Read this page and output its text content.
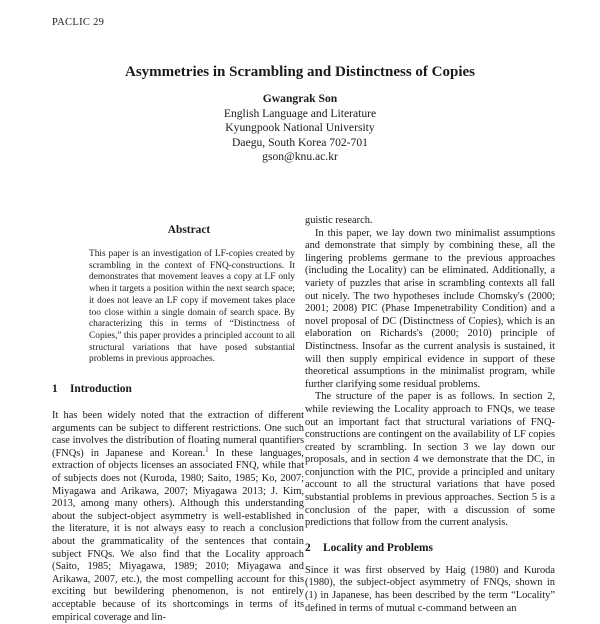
PACLIC 29
Asymmetries in Scrambling and Distinctness of Copies
Gwangrak Son
English Language and Literature
Kyungpook National University
Daegu, South Korea 702-701
gson@knu.ac.kr
Abstract

This paper is an investigation of LF-copies created by scrambling in the context of FNQ-constructions. It demonstrates that movement leaves a copy at LF only when it targets a position within the next search space; it does not leave an LF copy if movement takes place too close within a single domain of search space. By characterizing this in terms of “Distinctness of Copies,” this paper provides a principled account to all structural variations that have posed substantial problems in previous approaches.

1	Introduction

It has been widely noted that the extraction of different arguments can be subject to different restrictions. One such case involves the distribution of floating numeral quantifiers (FNQs) in Japanese and Korean.$^1$ In these languages, extraction of objects licenses an associated FNQ, while that of subjects does not (Kuroda, 1980; Saito, 1985; Ko, 2007; Miyagawa and Arikawa, 2007; Miyagawa 2013; J. Kim, 2013, among many others). Although this understanding about the subject-object asymmetry is well-established in the literature, it is not always easy to reach a conclusion about the grammaticality of the sentences that contain subject FNQs. We also find that the Locality approach (Saito, 1985; Miyagawa, 1989; 2010; Miyagawa and Arikawa, 2007, etc.), the most compelling account for this exciting but bewildering phenomenon, is not entirely acceptable because of its shortcomings in terms of its empirical coverage and lin-

guistic research.

In this paper, we lay down two minimalist assumptions and demonstrate that simply by combining these, all the lingering problems germane to the previous approaches (including the Locality) can be eliminated. Additionally, a variety of puzzles that arise in scrambling contexts all fall out nicely. The two hypotheses include Chomsky's (2000; 2001; 2008) PIC (Phase Impenetrability Condition) and a novel proposal of DC (Distinctness of Copies), which is an elaboration on Richards's (2000; 2010) principle of Distinctness. Insofar as the current analysis is sustained, it will then supply empirical evidence in support of these theoretical assumptions in the minimalist program, while further clarifying some residual problems.

The structure of the paper is as follows. In section 2, while reviewing the Locality approach to FNQs, we tease out an important fact that structural variations of FNQ-constructions are contingent on the availability of LF copies created by scrambling. In section 3 we lay down our proposals, and in section 4 we demonstrate that the DC, in conjunction with the PIC, provide a principled and unitary account to all the structural variations that have posed substantial problems in previous approaches. Section 5 is a conclusion of the paper, with a discussion of some predictions that follow from the current analysis.

2	Locality and Problems

Since it was first observed by Haig (1980) and Kuroda (1980), the subject-object asymmetry of FNQs, shown in (1) in Japanese, has been described by the term “Locality” defined in terms of mutual c-command between an
